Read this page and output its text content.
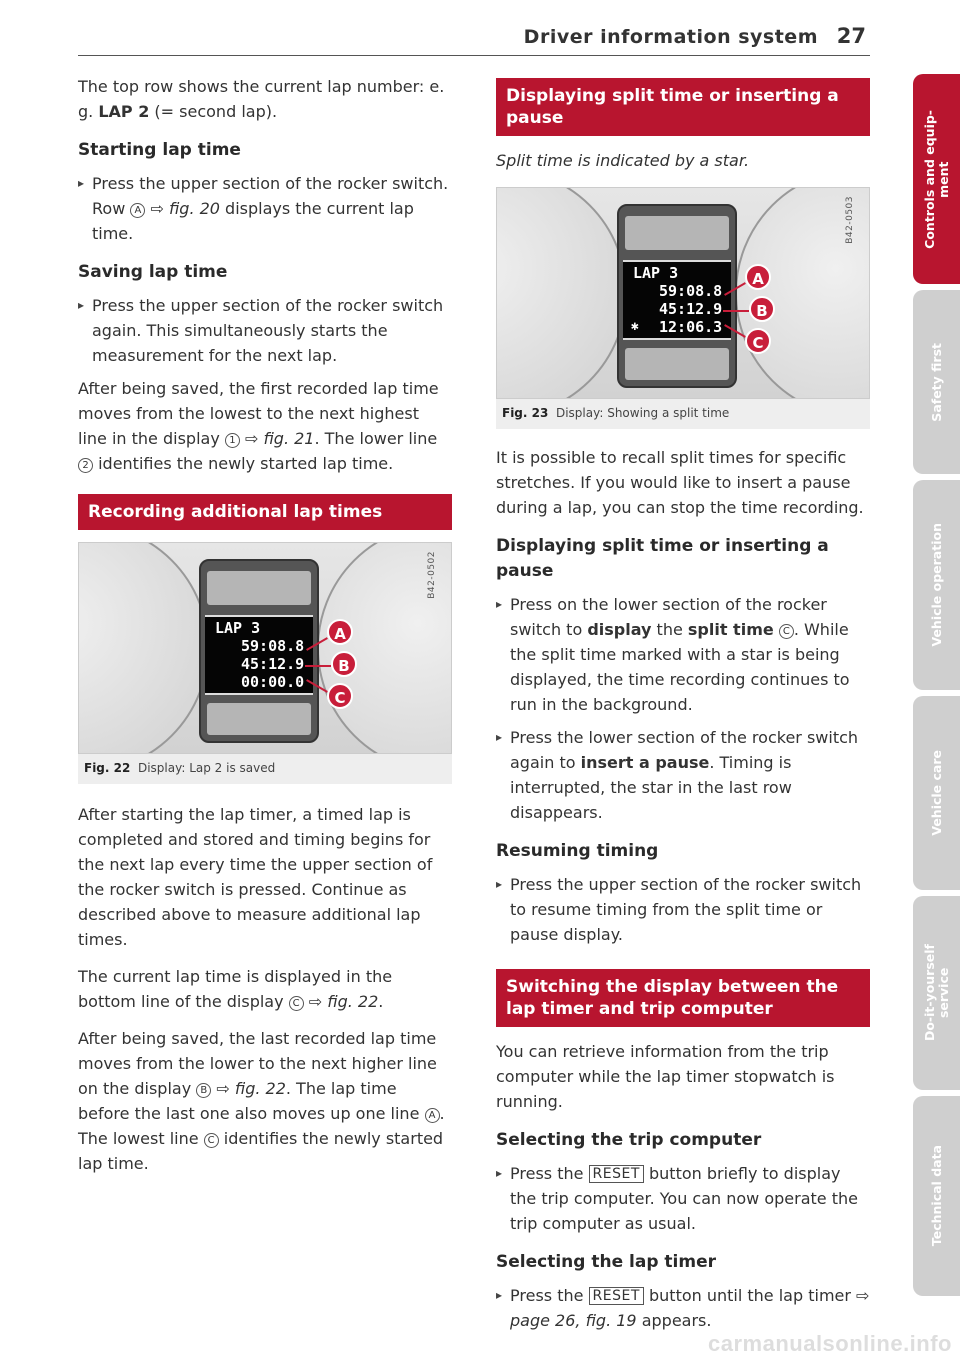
Driver information system 27

The top row shows the current lap number: e. g. LAP 2 (= second lap).

Starting lap time
▸ Press the upper section of the rocker switch. Row A ⇨ fig. 20 displays the current lap time.
Saving lap time
▸ Press the upper section of the rocker switch again. This simultaneously starts the measurement for the next lap.

After being saved, the first recorded lap time moves from the lowest to the next highest line in the display 1 ⇨ fig. 21. The lower line 2 identifies the newly started lap time.

Recording additional lap times
LAP 3
59:08.8
45:12.9
00:00.0
A
B
C
B42-0502
Fig. 22 Display: Lap 2 is saved

After starting the lap timer, a timed lap is completed and stored and timing begins for the next lap every time the upper section of the rocker switch is pressed. Continue as described above to measure additional lap times.

The current lap time is displayed in the bottom line of the display C ⇨ fig. 22.

After being saved, the last recorded lap time moves from the lower to the next higher line on the display B ⇨ fig. 22. The lap time before the last one also moves up one line A . The lowest line C identifies the newly started lap time.

Displaying split time or inserting a pause

Split time is indicated by a star.

LAP 3
59:08.8
45:12.9
✱ 12:06.3
A
B
C
B42-0503
Fig. 23 Display: Showing a split time

It is possible to recall split times for specific stretches. If you would like to insert a pause during a lap, you can stop the time recording.

Displaying split time or inserting a pause
▸ Press on the lower section of the rocker switch to display the split time C . While the split time marked with a star is being displayed, the time recording continues to run in the background.
▸ Press the lower section of the rocker switch again to insert a pause. Timing is interrupted, the star in the last row disappears.
Resuming timing
▸ Press the upper section of the rocker switch to resume timing from the split time or pause display.
Switching the display between the lap timer and trip computer

You can retrieve information from the trip computer while the lap timer stopwatch is running.

Selecting the trip computer
▸ Press the RESET button briefly to display the trip computer. You can now operate the trip computer as usual.
Selecting the lap timer
▸ Press the RESET button until the lap timer ⇨ page 26, fig. 19 appears.
Controls and equip-
ment
Safety first
Vehicle operation
Vehicle care
Do-it-yourself
service
Technical data
carmanualsonline.info
